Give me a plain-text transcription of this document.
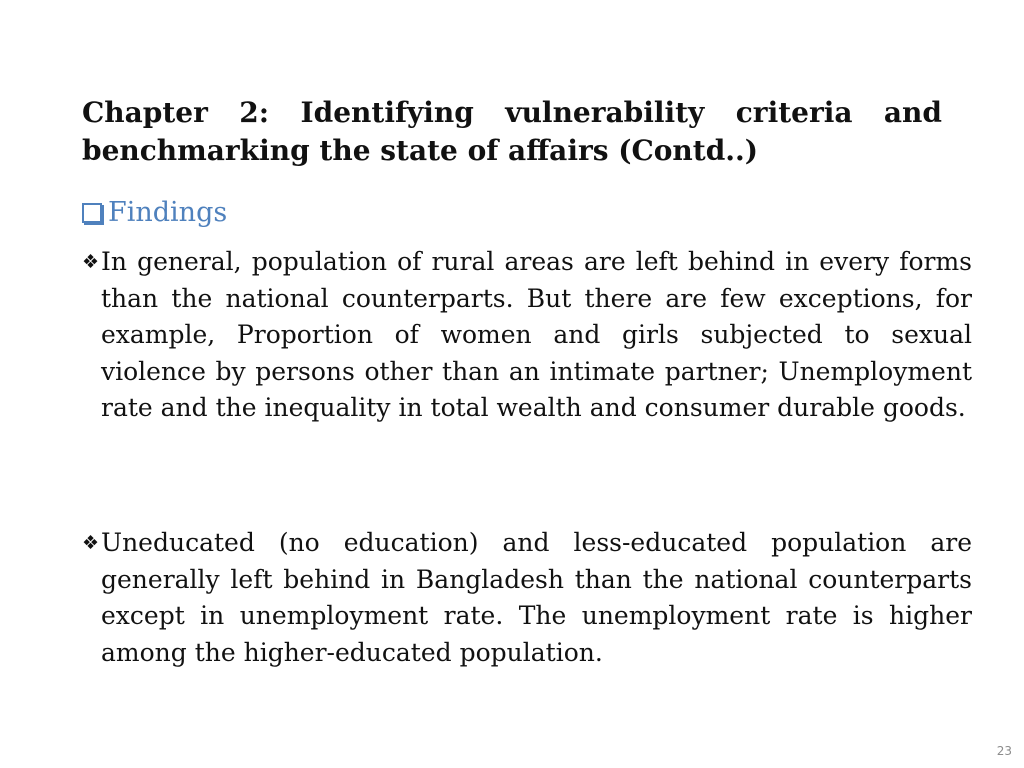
Chapter 2: Identifying vulnerability criteria and benchmarking the state of affairs (Contd..)
Findings
❖In general, population of rural areas are left behind in every forms than the national counterparts. But there are few exceptions, for example, Proportion of women and girls subjected to sexual violence by persons other than an intimate partner; Unemployment rate and the inequality in total wealth and consumer durable goods.
❖Uneducated (no education) and less-educated population are generally left behind in Bangladesh than the national counterparts except in unemployment rate. The unemployment rate is higher among the higher-educated population.
23
